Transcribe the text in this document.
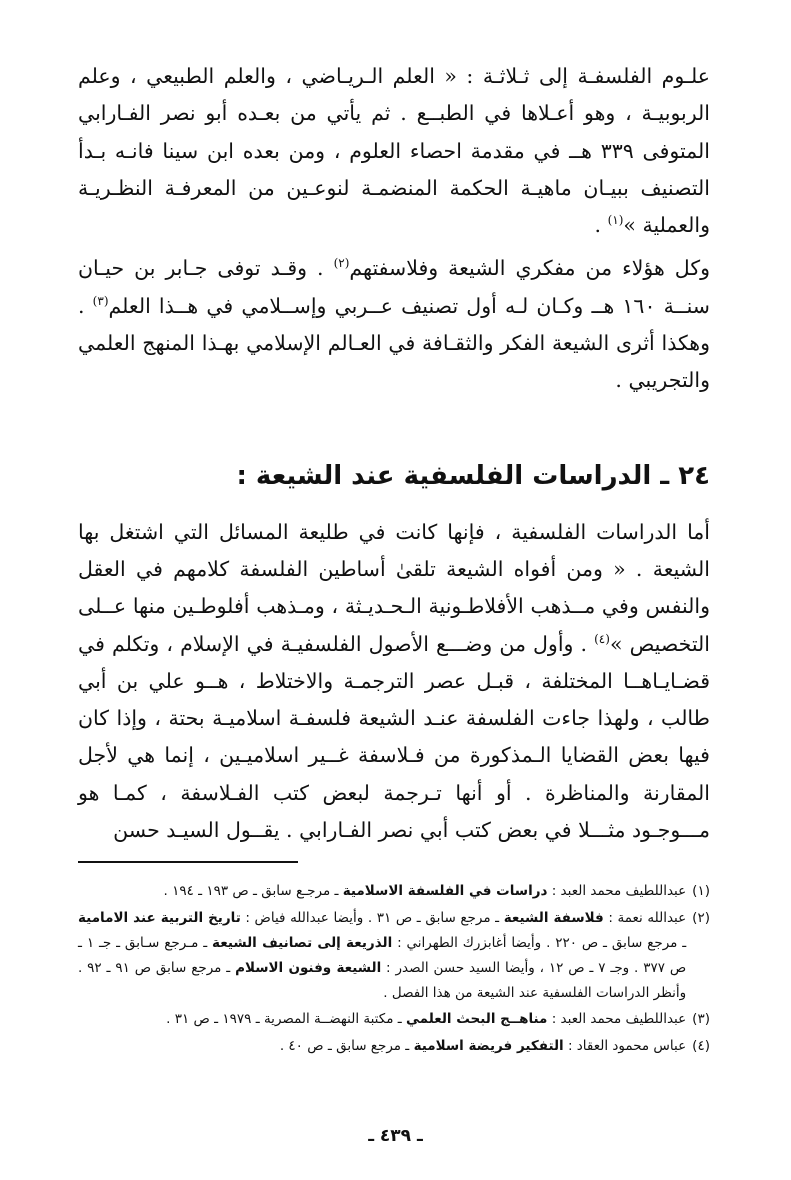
علـوم الفلسفـة إلى ثـلاثـة : « العلم الـريـاضي ، والعلم الطبيعي ، وعلم الربوبيـة ، وهو أعـلاها في الطبــع . ثم يأتي من بعـده أبو نصر الفـارابي المتوفى ٣٣٩ هــ في مقدمة احصاء العلوم ، ومن بعده ابن سينا فانـه بـدأ التصنيف ببيـان ماهيـة الحكمة المنضمـة لنوعـين من المعرفـة النظـريـة والعملية »$^{(١)}$ .

وكل هؤلاء من مفكري الشيعة وفلاسفتهم$^{(٢)}$ . وقـد توفى جـابر بن حيـان سنــة ١٦٠ هــ وكـان لـه أول تصنيف عــربي وإســلامي في هــذا العلم$^{(٣)}$ . وهكذا أثرى الشيعة الفكر والثقـافة في العـالم الإسلامي بهـذا المنهج العلمي والتجريبي .

٢٤ ـ الدراسات الفلسفية عند الشيعة :

أما الدراسات الفلسفية ، فإنها كانت في طليعة المسائل التي اشتغل بها الشيعة . « ومن أفواه الشيعة تلقىٰ أساطين الفلسفة كلامهم في العقل والنفس وفي مــذهب الأفلاطـونية الـحـديـثة ، ومـذهب أفلوطـين منها عــلى التخصيص »$^{(٤)}$ . وأول من وضـــع الأصول الفلسفيـة في الإسلام ، وتكلم في قضـايـاهــا المختلفة ، قبـل عصر الترجمـة والاختلاط ، هــو علي بن أبي طالب ، ولهذا جاءت الفلسفة عنـد الشيعة فلسفـة اسلاميـة بحتة ، وإذا كان فيها بعض القضايا الـمذكورة من فـلاسفة غــير اسلاميـين ، إنما هي لأجل المقارنة والمناظرة . أو أنها تـرجمة لبعض كتب الفـلاسفة ، كمـا هو مـــوجـود مثـــلا في بعض كتب أبي نصر الفـارابي . يقــول السيـد حسن

(١)
عبداللطيف محمد العبد : دراسات في الفلسفة الاسلامية ـ مرجـع سابق ـ ص ١٩٣ ـ ١٩٤ .
(٢)
عبدالله نعمة : فلاسفة الشيعة ـ مرجع سابق ـ ص ٣١ . وأيضا عبدالله فياض : تاريخ التربية عند الامامية ـ مرجع سابق ـ ص ٢٢٠ . وأيضا أغابزرك الطهراني : الذريعة إلى تصانيف الشيعة ـ مـرجع سـابق ـ جـ ١ ـ ص ٣٧٧ . وجـ ٧ ـ ص ١٢ ، وأيضا السيد حسن الصدر : الشيعة وفنون الاسلام ـ مرجع سابق ص ٩١ ـ ٩٢ . وأنظر الدراسات الفلسفية عند الشيعة من هذا الفصل .
(٣)
عبداللطيف محمد العبد : مناهــج البحث العلمي ـ مكتبة النهضــة المصرية ـ ١٩٧٩ ـ ص ٣١ .
(٤)
عباس محمود العقاد : التفكير فريضة اسلامية ـ مرجع سابق ـ ص ٤٠ .
ـ ٤٣٩ ـ
